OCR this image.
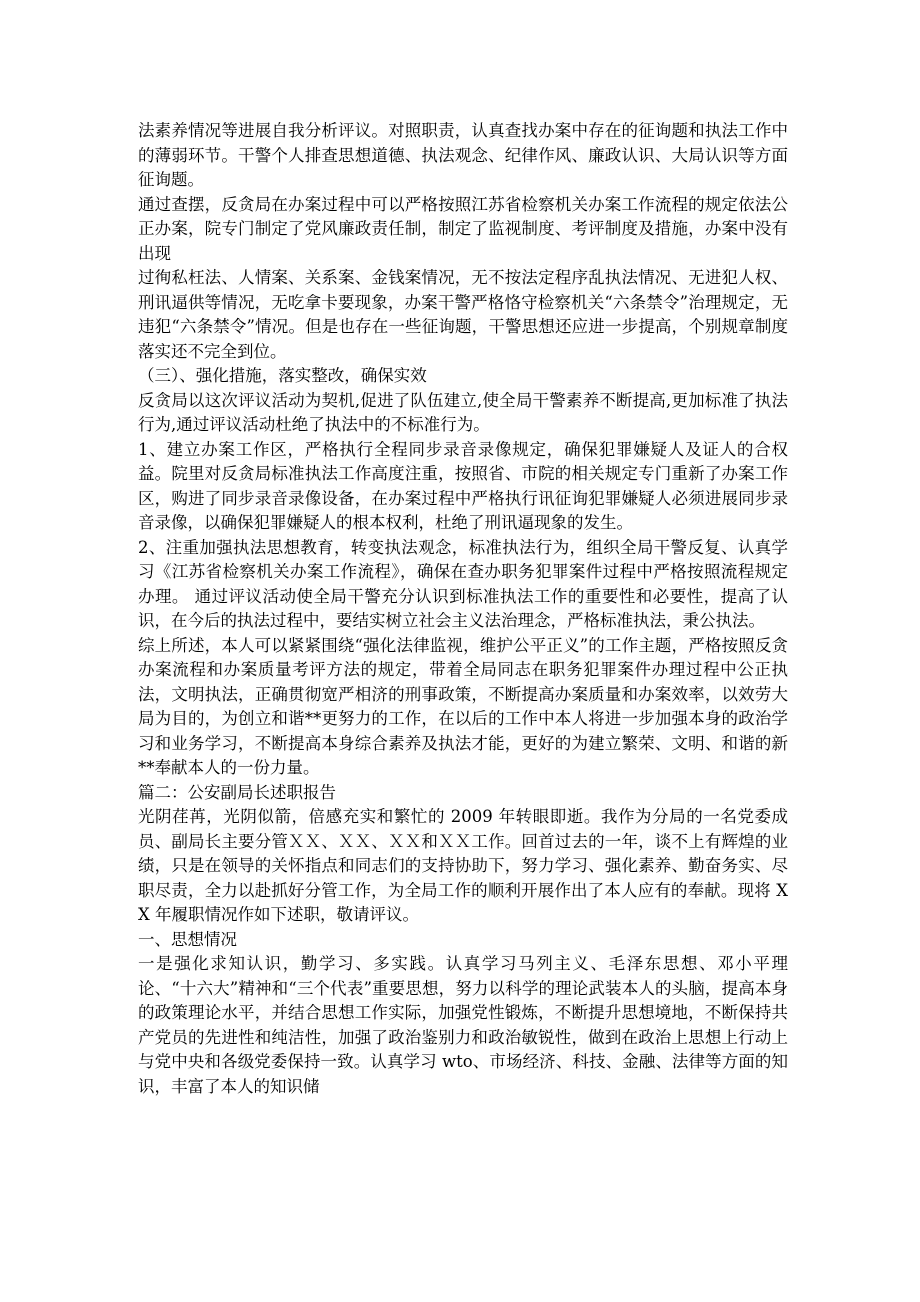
法素养情况等进展自我分析评议。对照职责，认真查找办案中存在的征询题和执法工作中的薄弱环节。干警个人排查思想道德、执法观念、纪律作风、廉政认识、大局认识等方面征询题。

通过查摆，反贪局在办案过程中可以严格按照江苏省检察机关办案工作流程的规定依法公正办案，院专门制定了党风廉政责任制，制定了监视制度、考评制度及措施，办案中没有出现

过徇私枉法、人情案、关系案、金钱案情况，无不按法定程序乱执法情况、无进犯人权、刑讯逼供等情况，无吃拿卡要现象，办案干警严格恪守检察机关“六条禁令”治理规定，无违犯“六条禁令”情况。但是也存在一些征询题，干警思想还应进一步提高，个别规章制度落实还不完全到位。

（三）、强化措施，落实整改，确保实效

反贪局以这次评议活动为契机,促进了队伍建立,使全局干警素养不断提高,更加标准了执法行为,通过评议活动杜绝了执法中的不标准行为。

1、建立办案工作区，严格执行全程同步录音录像规定，确保犯罪嫌疑人及证人的合权益。院里对反贪局标准执法工作高度注重，按照省、市院的相关规定专门重新了办案工作区，购进了同步录音录像设备，在办案过程中严格执行讯征询犯罪嫌疑人必须进展同步录音录像，以确保犯罪嫌疑人的根本权利，杜绝了刑讯逼现象的发生。

2、注重加强执法思想教育，转变执法观念，标准执法行为，组织全局干警反复、认真学习《江苏省检察机关办案工作流程》，确保在查办职务犯罪案件过程中严格按照流程规定办理。 通过评议活动使全局干警充分认识到标准执法工作的重要性和必要性，提高了认识，在今后的执法过程中，要结实树立社会主义法治理念，严格标准执法，秉公执法。

综上所述，本人可以紧紧围绕“强化法律监视，维护公平正义”的工作主题，严格按照反贪办案流程和办案质量考评方法的规定，带着全局同志在职务犯罪案件办理过程中公正执法，文明执法，正确贯彻宽严相济的刑事政策，不断提高办案质量和办案效率，以效劳大局为目的，为创立和谐**更努力的工作，在以后的工作中本人将进一步加强本身的政治学习和业务学习，不断提高本身综合素养及执法才能，更好的为建立繁荣、文明、和谐的新**奉献本人的一份力量。

篇二：公安副局长述职报告

光阴荏苒，光阴似箭，倍感充实和繁忙的 2009 年转眼即逝。我作为分局的一名党委成员、副局长主要分管ＸＸ、ＸＸ、ＸＸ和ＸＸ工作。回首过去的一年，谈不上有辉煌的业绩，只是在领导的关怀指点和同志们的支持协助下，努力学习、强化素养、勤奋务实、尽职尽责，全力以赴抓好分管工作，为全局工作的顺利开展作出了本人应有的奉献。现将 XX 年履职情况作如下述职，敬请评议。

一、思想情况

一是强化求知认识，勤学习、多实践。认真学习马列主义、毛泽东思想、邓小平理论、“十六大”精神和“三个代表”重要思想，努力以科学的理论武装本人的头脑，提高本身的政策理论水平，并结合思想工作实际，加强党性锻炼，不断提升思想境地，不断保持共产党员的先进性和纯洁性，加强了政治鉴别力和政治敏锐性，做到在政治上思想上行动上与党中央和各级党委保持一致。认真学习 wto、市场经济、科技、金融、法律等方面的知识，丰富了本人的知识储
